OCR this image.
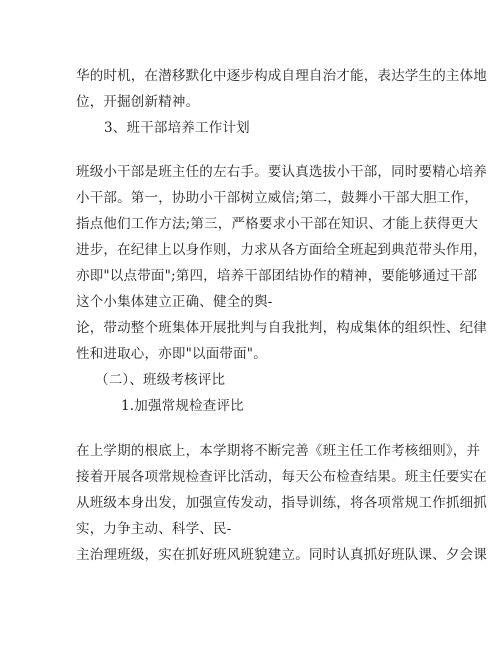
华的时机，在潜移默化中逐步构成自理自治才能，表达学生的主体地
位，开掘创新精神。
3、班干部培养工作计划
班级小干部是班主任的左右手。要认真选拔小干部，同时要精心培养
小干部。第一，协助小干部树立威信;第二，鼓舞小干部大胆工作，
指点他们工作方法;第三，严格要求小干部在知识、才能上获得更大
进步，在纪律上以身作则，力求从各方面给全班起到典范带头作用，
亦即"以点带面";第四，培养干部团结协作的精神，要能够通过干部
这个小集体建立正确、健全的舆-
论，带动整个班集体开展批判与自我批判，构成集体的组织性、纪律
性和进取心，亦即"以面带面"。
（二）、班级考核评比
1.加强常规检查评比
在上学期的根底上，本学期将不断完善《班主任工作考核细则》，并
接着开展各项常规检查评比活动，每天公布检查结果。班主任要实在
从班级本身出发，加强宣传发动，指导训练，将各项常规工作抓细抓
实，力争主动、科学、民-
主治理班级，实在抓好班风班貌建立。同时认真抓好班队课、夕会课
